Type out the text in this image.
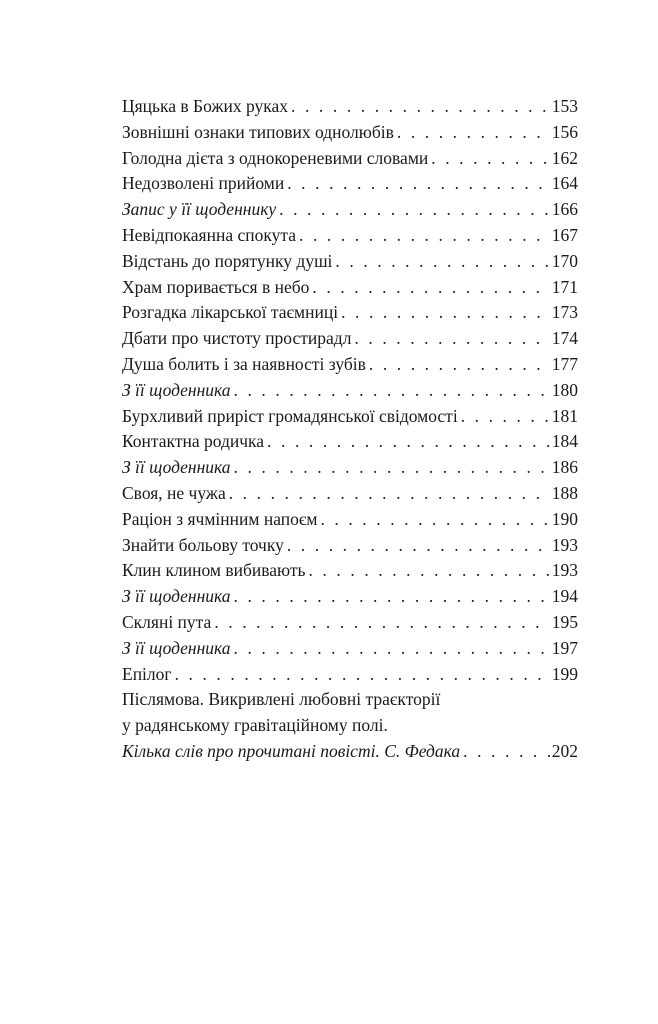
Цяцька в Божих руках . . .	153
Зовнішні ознаки типових однолюбів . . .	156
Голодна дієта з однокореневими словами . . .	162
Недозволені прийоми . . .	164
Запис у її щоденнику . . .	166
Невідпокаянна спокута . . .	167
Відстань до порятунку душі . . .	170
Храм поривається в небо . . .	171
Розгадка лікарської таємниці . . .	173
Дбати про чистоту простирадл . . .	174
Душа болить і за наявності зубів . . .	177
З її щоденника . . .	180
Бурхливий приріст громадянської свідомості . . .	181
Контактна родичка . . .	184
З її щоденника . . .	186
Своя, не чужа . . .	188
Раціон з ячмінним напоєм . . .	190
Знайти больову точку . . .	193
Клин клином вибивають . . .	193
З її щоденника . . .	194
Скляні пута . . .	195
З її щоденника . . .	197
Епілог . . .	199
Післямова. Викривлені любовні траєкторії
у радянському гравітаційному полі.
Кілька слів про прочитані повісті. С. Федака . . .	202
